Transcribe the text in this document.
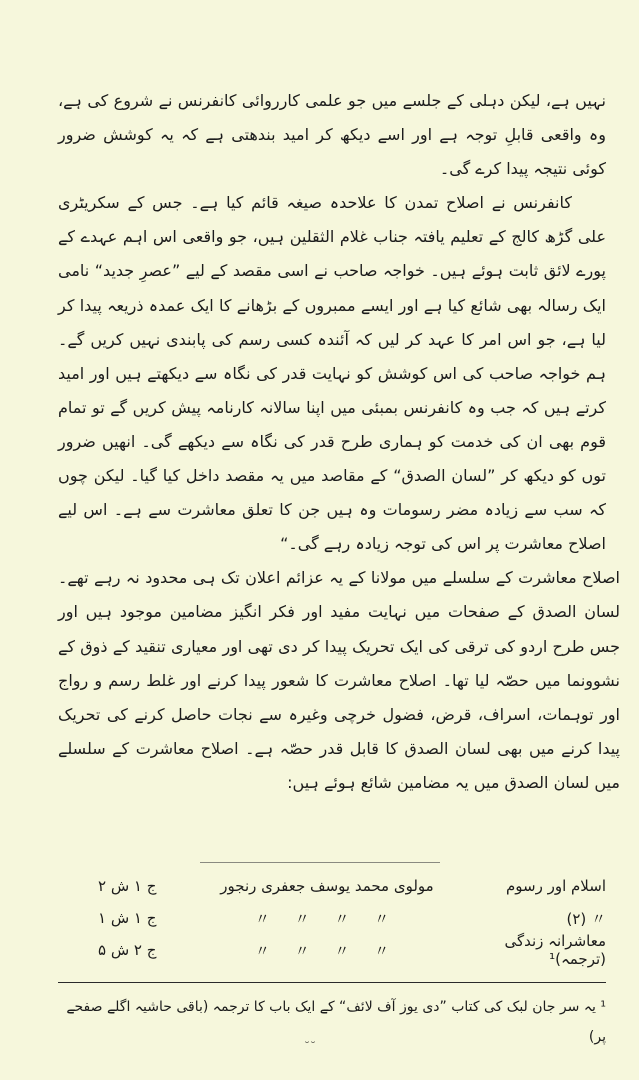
نہیں ہے، لیکن دہلی کے جلسے میں جو علمی کارروائی کانفرنس نے شروع کی ہے، وہ واقعی قابلِ توجہ ہے اور اسے دیکھ کر امید بندھتی ہے کہ یہ کوشش ضرور کوئی نتیجہ پیدا کرے گی۔

کانفرنس نے اصلاح تمدن کا علاحدہ صیغہ قائم کیا ہے۔ جس کے سکریٹری علی گڑھ کالج کے تعلیم یافتہ جناب غلام الثقلین ہیں، جو واقعی اس اہم عہدے کے پورے لائق ثابت ہوئے ہیں۔ خواجہ صاحب نے اسی مقصد کے لیے ”عصرِ جدید“ نامی ایک رسالہ بھی شائع کیا ہے اور ایسے ممبروں کے بڑھانے کا ایک عمدہ ذریعہ پیدا کر لیا ہے، جو اس امر کا عہد کر لیں کہ آئندہ کسی رسم کی پابندی نہیں کریں گے۔ ہم خواجہ صاحب کی اس کوشش کو نہایت قدر کی نگاہ سے دیکھتے ہیں اور امید کرتے ہیں کہ جب وہ کانفرنس بمبئی میں اپنا سالانہ کارنامہ پیش کریں گے تو تمام قوم بھی ان کی خدمت کو ہماری طرح قدر کی نگاہ سے دیکھے گی۔ انھیں ضرور توں کو دیکھ کر ”لسان الصدق“ کے مقاصد میں یہ مقصد داخل کیا گیا۔ لیکن چوں کہ سب سے زیادہ مضر رسومات وہ ہیں جن کا تعلق معاشرت سے ہے۔ اس لیے اصلاح معاشرت پر اس کی توجہ زیادہ رہے گی۔“

اصلاح معاشرت کے سلسلے میں مولانا کے یہ عزائم اعلان تک ہی محدود نہ رہے تھے۔ لسان الصدق کے صفحات میں نہایت مفید اور فکر انگیز مضامین موجود ہیں اور جس طرح اردو کی ترقی کی ایک تحریک پیدا کر دی تھی اور معیاری تنقید کے ذوق کے نشوونما میں حصّہ لیا تھا۔ اصلاح معاشرت کا شعور پیدا کرنے اور غلط رسم و رواج اور توہمات، اسراف، قرض، فضول خرچی وغیرہ سے نجات حاصل کرنے کی تحریک پیدا کرنے میں بھی لسان الصدق کا قابل قدر حصّہ ہے۔ اصلاح معاشرت کے سلسلے میں لسان الصدق میں یہ مضامین شائع ہوئے ہیں:

اسلام اور رسوم
مولوی محمد یوسف جعفری رنجور
ج ۱ ش ۲
〃 (۲)
〃 〃 〃 〃
ج ۱ ش ۱
معاشرانہ زندگی (ترجمہ)¹
〃 〃 〃 〃
ج ۲ ش ۵
¹ یہ سر جان لبک کی کتاب ”دی یوز آف لائف“ کے ایک باب کا ترجمہ (باقی حاشیہ اگلے صفحے پر)
˘˘
